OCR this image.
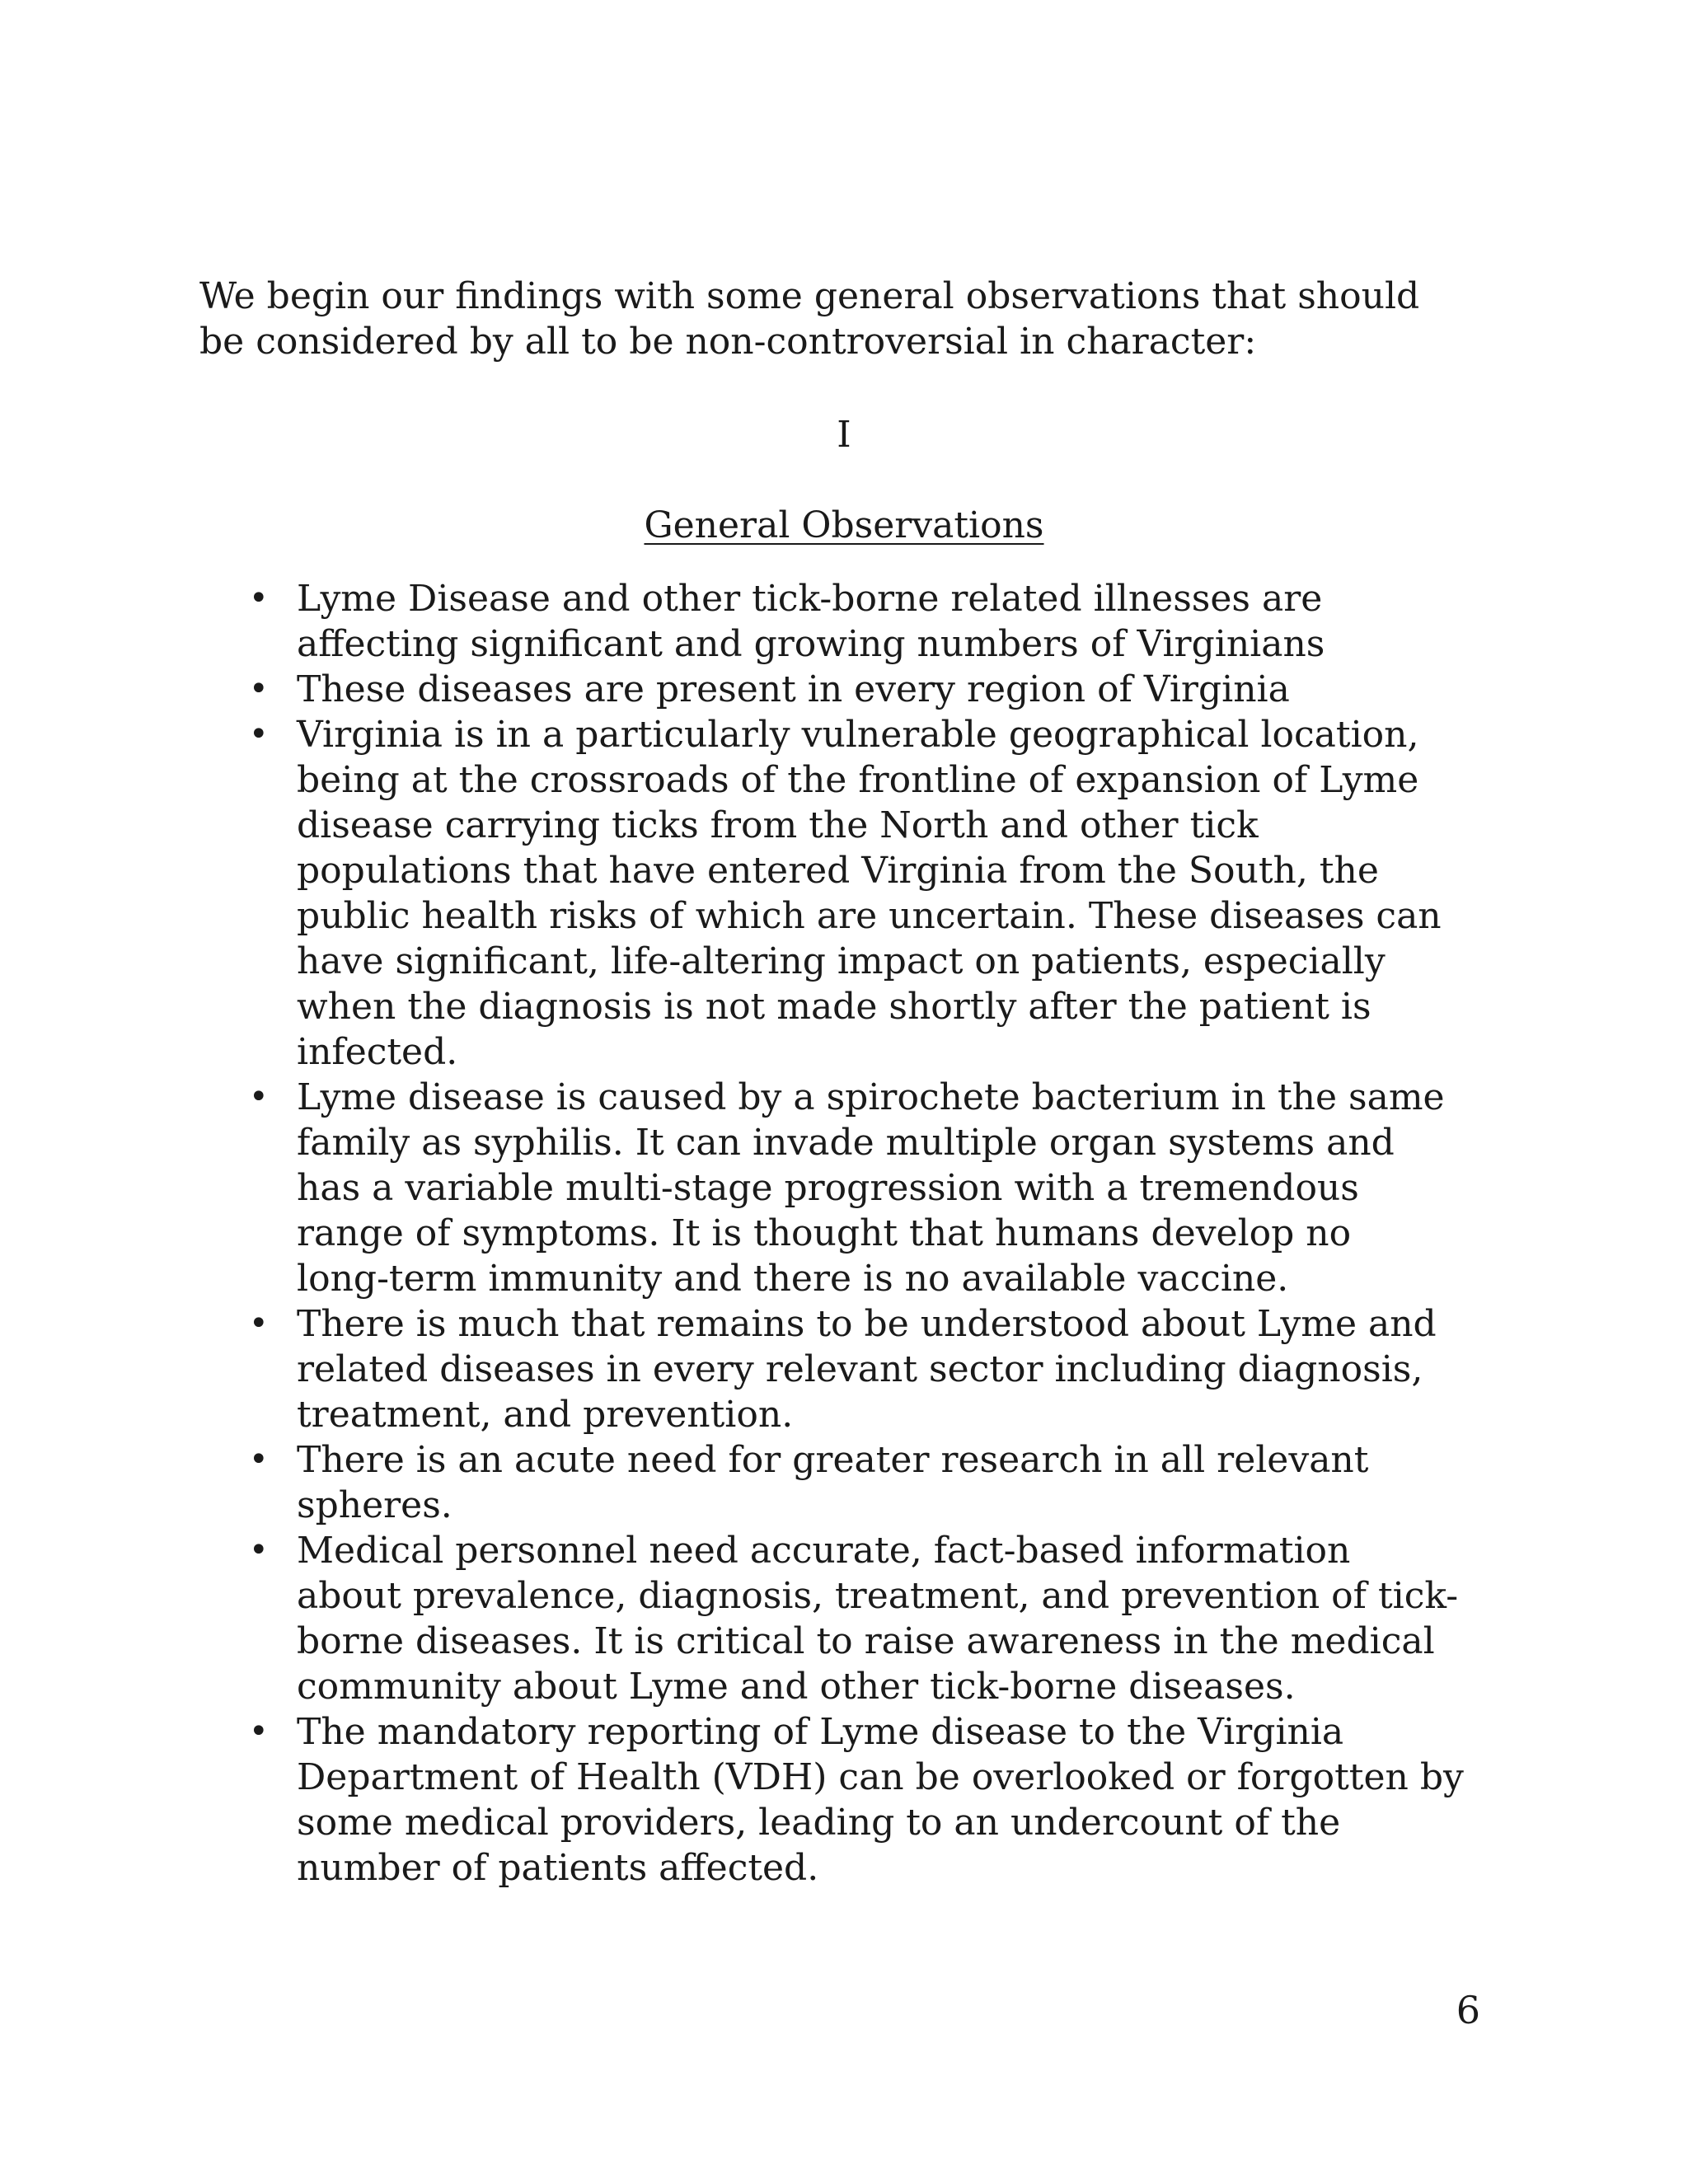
We begin our findings with some general observations that should
be considered by all to be non-controversial in character:

I

General Observations
• Lyme Disease and other tick-borne related illnesses are
affecting significant and growing numbers of Virginians
• These diseases are present in every region of Virginia
• Virginia is in a particularly vulnerable geographical location,
being at the crossroads of the frontline of expansion of Lyme
disease carrying ticks from the North and other tick
populations that have entered Virginia from the South, the
public health risks of which are uncertain. These diseases can
have significant, life-altering impact on patients, especially
when the diagnosis is not made shortly after the patient is
infected.
• Lyme disease is caused by a spirochete bacterium in the same
family as syphilis. It can invade multiple organ systems and
has a variable multi-stage progression with a tremendous
range of symptoms. It is thought that humans develop no
long-term immunity and there is no available vaccine.
• There is much that remains to be understood about Lyme and
related diseases in every relevant sector including diagnosis,
treatment, and prevention.
• There is an acute need for greater research in all relevant
spheres.
• Medical personnel need accurate, fact-based information
about prevalence, diagnosis, treatment, and prevention of tick-
borne diseases. It is critical to raise awareness in the medical
community about Lyme and other tick-borne diseases.
• The mandatory reporting of Lyme disease to the Virginia
Department of Health (VDH) can be overlooked or forgotten by
some medical providers, leading to an undercount of the
number of patients affected.

6
